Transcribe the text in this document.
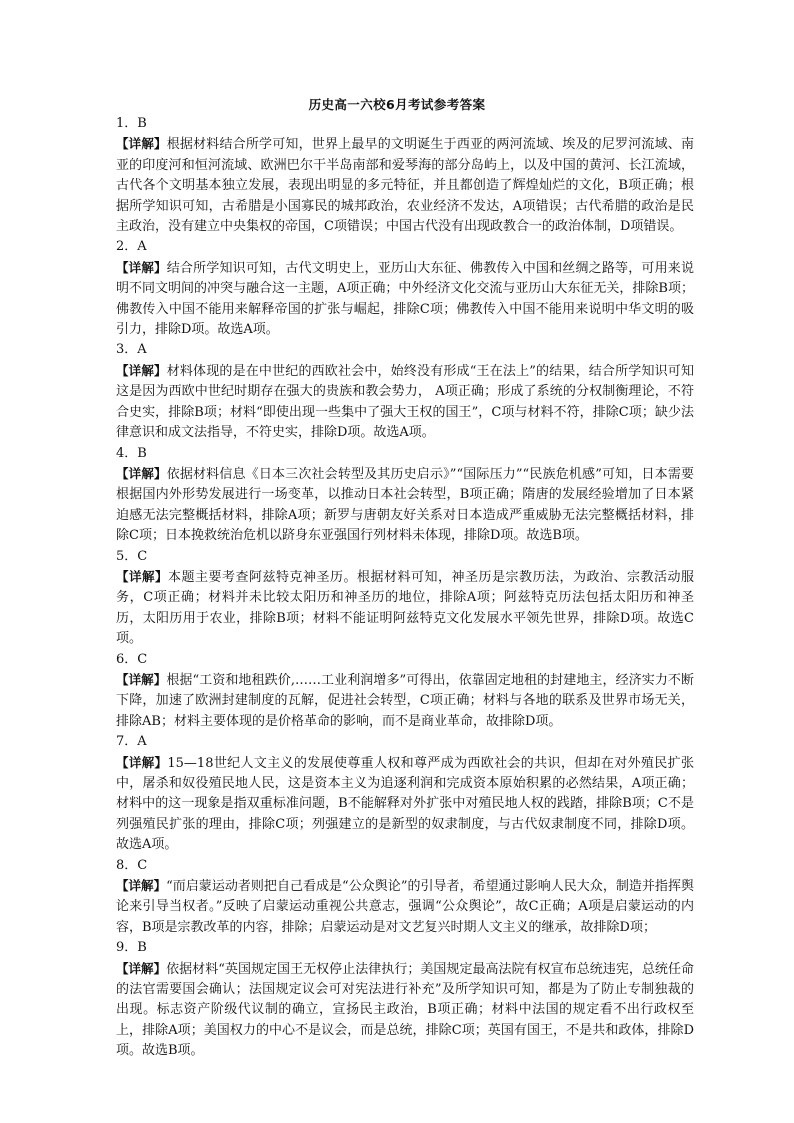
历史高一六校6月考试参考答案

1．B

【详解】根据材料结合所学可知，世界上最早的文明诞生于西亚的两河流域、埃及的尼罗河流域、南亚的印度河和恒河流域、欧洲巴尔干半岛南部和爱琴海的部分岛屿上，以及中国的黄河、长江流域，古代各个文明基本独立发展，表现出明显的多元特征，并且都创造了辉煌灿烂的文化，B项正确；根据所学知识可知，古希腊是小国寡民的城邦政治，农业经济不发达，A项错误；古代希腊的政治是民主政治，没有建立中央集权的帝国，C项错误；中国古代没有出现政教合一的政治体制，D项错误。

2．A

【详解】结合所学知识可知，古代文明史上，亚历山大东征、佛教传入中国和丝绸之路等，可用来说明不同文明间的冲突与融合这一主题，A项正确；中外经济文化交流与亚历山大东征无关，排除B项；佛教传入中国不能用来解释帝国的扩张与崛起，排除C项；佛教传入中国不能用来说明中华文明的吸引力，排除D项。故选A项。

3．A

【详解】材料体现的是在中世纪的西欧社会中，始终没有形成“王在法上”的结果，结合所学知识可知这是因为西欧中世纪时期存在强大的贵族和教会势力， A项正确；形成了系统的分权制衡理论，不符合史实，排除B项；材料“即使出现一些集中了强大王权的国王”，C项与材料不符，排除C项；缺少法律意识和成文法指导，不符史实，排除D项。故选A项。

4．B

【详解】依据材料信息《日本三次社会转型及其历史启示》”“国际压力”“民族危机感”可知，日本需要根据国内外形势发展进行一场变革，以推动日本社会转型，B项正确；隋唐的发展经验增加了日本紧迫感无法完整概括材料，排除A项；新罗与唐朝友好关系对日本造成严重威胁无法完整概括材料，排除C项；日本挽救统治危机以跻身东亚强国行列材料未体现，排除D项。故选B项。

5．C

【详解】本题主要考查阿兹特克神圣历。根据材料可知，神圣历是宗教历法，为政治、宗教活动服务，C项正确；材料并未比较太阳历和神圣历的地位，排除A项；阿兹特克历法包括太阳历和神圣历，太阳历用于农业，排除B项；材料不能证明阿兹特克文化发展水平领先世界，排除D项。故选C项。

6．C

【详解】根据“工资和地租跌价,……工业利润增多”可得出，依靠固定地租的封建地主，经济实力不断下降，加速了欧洲封建制度的瓦解，促进社会转型，C项正确；材料与各地的联系及世界市场无关，排除AB；材料主要体现的是价格革命的影响，而不是商业革命，故排除D项。

7．A

【详解】15—18世纪人文主义的发展使尊重人权和尊严成为西欧社会的共识，但却在对外殖民扩张中，屠杀和奴役殖民地人民，这是资本主义为追逐利润和完成资本原始积累的必然结果，A项正确；材料中的这一现象是指双重标准问题，B不能解释对外扩张中对殖民地人权的践踏，排除B项；C不是列强殖民扩张的理由，排除C项；列强建立的是新型的奴隶制度，与古代奴隶制度不同，排除D项。故选A项。

8．C

【详解】“而启蒙运动者则把自己看成是“公众舆论”的引导者，希望通过影响人民大众，制造并指挥舆论来引导当权者。”反映了启蒙运动重视公共意志，强调“公众舆论”，故C正确；A项是启蒙运动的内容，B项是宗教改革的内容，排除；启蒙运动是对文艺复兴时期人文主义的继承，故排除D项；

9．B

【详解】依据材料“英国规定国王无权停止法律执行；美国规定最高法院有权宣布总统违宪，总统任命的法官需要国会确认；法国规定议会可对宪法进行补充”及所学知识可知，都是为了防止专制独裁的出现。标志资产阶级代议制的确立，宣扬民主政治，B项正确；材料中法国的规定看不出行政权至上，排除A项；美国权力的中心不是议会，而是总统，排除C项；英国有国王，不是共和政体，排除D项。故选B项。
